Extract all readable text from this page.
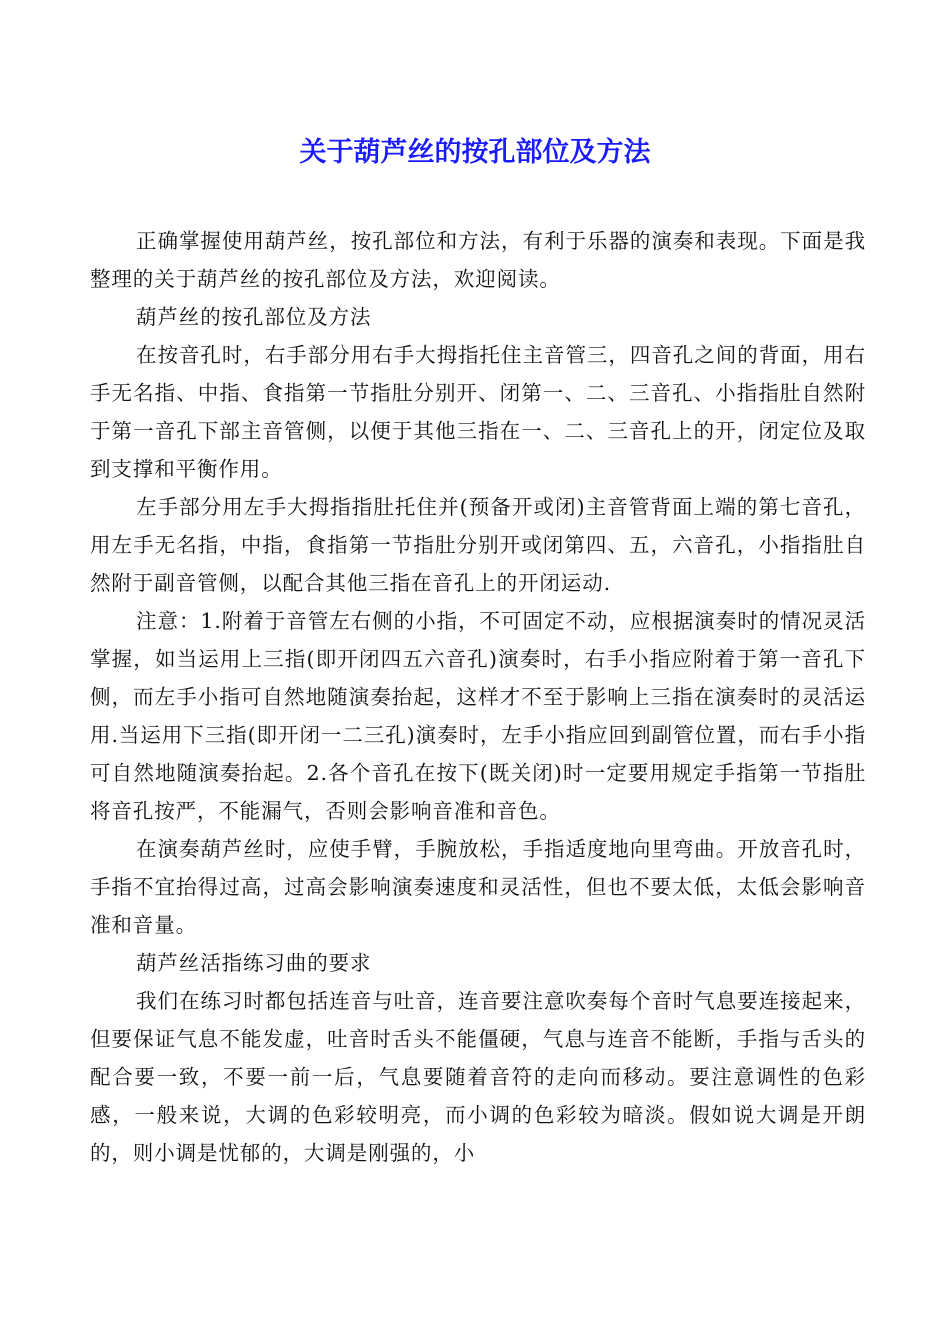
关于葫芦丝的按孔部位及方法

正确掌握使用葫芦丝，按孔部位和方法，有利于乐器的演奏和表现。下面是我整理的关于葫芦丝的按孔部位及方法，欢迎阅读。

葫芦丝的按孔部位及方法

在按音孔时，右手部分用右手大拇指托住主音管三，四音孔之间的背面，用右手无名指、中指、食指第一节指肚分别开、闭第一、二、三音孔、小指指肚自然附于第一音孔下部主音管侧，以便于其他三指在一、二、三音孔上的开，闭定位及取到支撑和平衡作用。

左手部分用左手大拇指指肚托住并(预备开或闭)主音管背面上端的第七音孔，用左手无名指，中指，食指第一节指肚分别开或闭第四、五，六音孔，小指指肚自然附于副音管侧，以配合其他三指在音孔上的开闭运动.

注意：1.附着于音管左右侧的小指，不可固定不动，应根据演奏时的情况灵活掌握，如当运用上三指(即开闭四五六音孔)演奏时，右手小指应附着于第一音孔下侧，而左手小指可自然地随演奏抬起，这样才不至于影响上三指在演奏时的灵活运用.当运用下三指(即开闭一二三孔)演奏时，左手小指应回到副管位置，而右手小指可自然地随演奏抬起。2.各个音孔在按下(既关闭)时一定要用规定手指第一节指肚将音孔按严，不能漏气，否则会影响音准和音色。

在演奏葫芦丝时，应使手臂，手腕放松，手指适度地向里弯曲。开放音孔时，手指不宜抬得过高，过高会影响演奏速度和灵活性，但也不要太低，太低会影响音准和音量。

葫芦丝活指练习曲的要求

我们在练习时都包括连音与吐音，连音要注意吹奏每个音时气息要连接起来，但要保证气息不能发虚，吐音时舌头不能僵硬，气息与连音不能断，手指与舌头的配合要一致，不要一前一后，气息要随着音符的走向而移动。要注意调性的色彩感，一般来说，大调的色彩较明亮，而小调的色彩较为暗淡。假如说大调是开朗的，则小调是忧郁的，大调是刚强的，小
